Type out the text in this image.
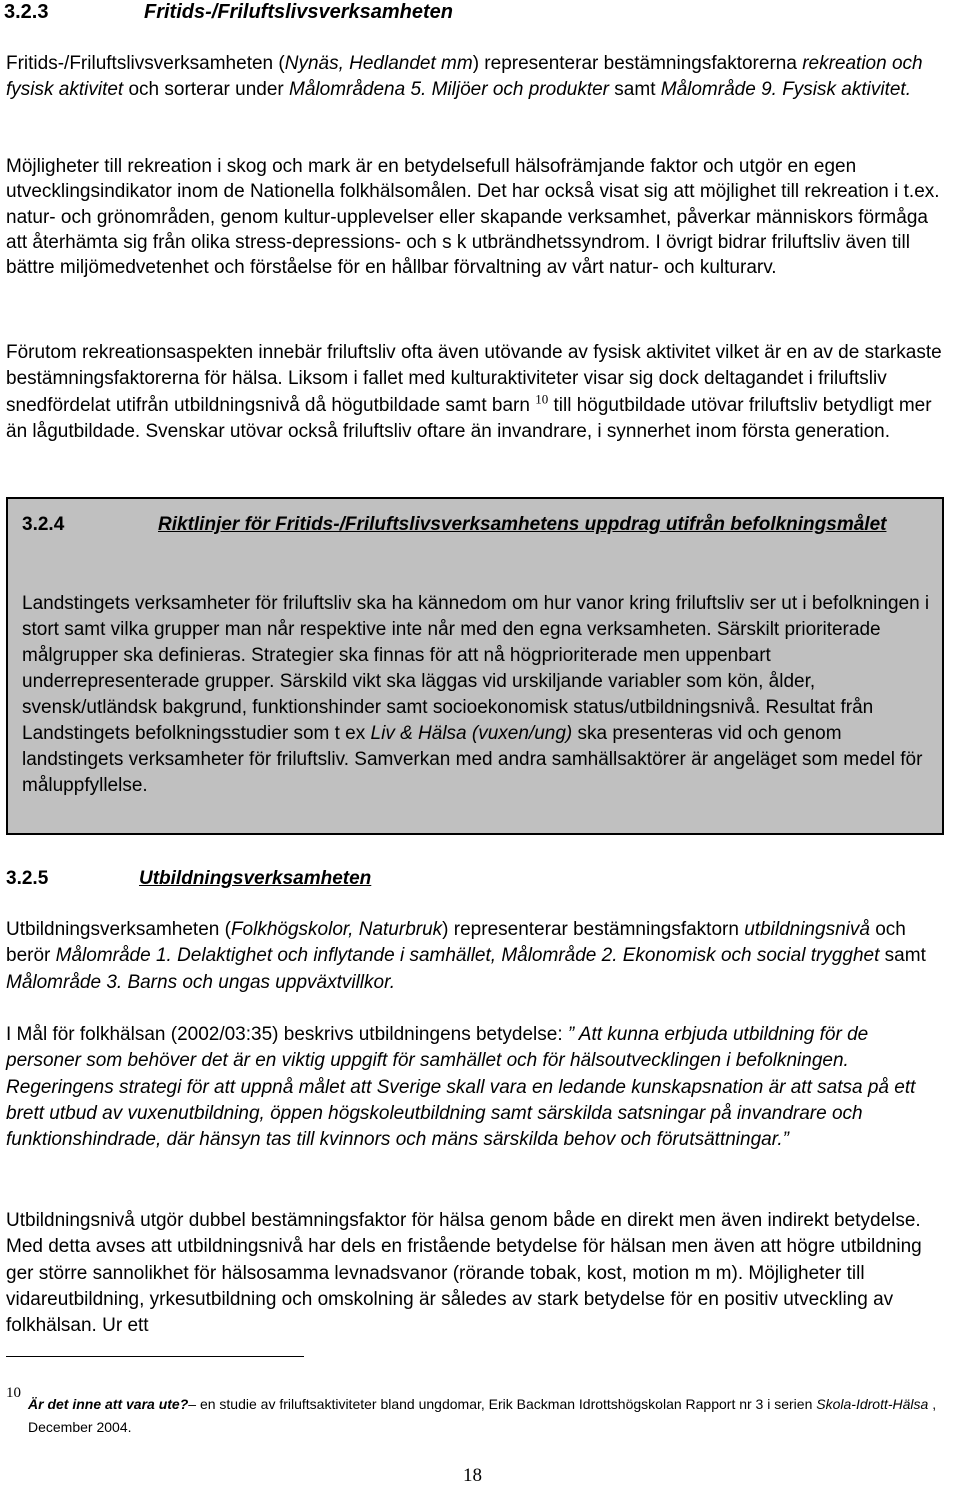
3.2.3	Fritids-/Friluftslivsverksamheten

Fritids-/Friluftslivsverksamheten (Nynäs, Hedlandet mm) representerar bestämningsfaktorerna rekreation och fysisk aktivitet och sorterar under Målområdena 5. Miljöer och produkter samt Målområde 9. Fysisk aktivitet.

Möjligheter till rekreation i skog och mark är en betydelsefull hälsofrämjande faktor och utgör en egen utvecklingsindikator inom de Nationella folkhälsomålen. Det har också visat sig att möjlighet till rekreation i t.ex. natur- och grönområden, genom kultur-upplevelser eller skapande verksamhet, påverkar människors förmåga att återhämta sig från olika stress-depressions- och s k utbrändhetssyndrom. I övrigt bidrar friluftsliv även till bättre miljömedvetenhet och förståelse för en hållbar förvaltning av vårt natur- och kulturarv.

Förutom rekreationsaspekten innebär friluftsliv ofta även utövande av fysisk aktivitet vilket är en av de starkaste bestämningsfaktorerna för hälsa. Liksom i fallet med kulturaktiviteter visar sig dock deltagandet i friluftsliv snedfördelat utifrån utbildningsnivå då högutbildade samt barn $^{10}$ till högutbildade utövar friluftsliv betydligt mer än lågutbildade. Svenskar utövar också friluftsliv oftare än invandrare, i synnerhet inom första generation.

3.2.4	Riktlinjer för Fritids-/Friluftslivsverksamhetens uppdrag utifrån befolkningsmålet

Landstingets verksamheter för friluftsliv ska ha kännedom om hur vanor kring friluftsliv ser ut i befolkningen i stort samt vilka grupper man når respektive inte når med den egna verksamheten. Särskilt prioriterade målgrupper ska definieras. Strategier ska finnas för att nå högprioriterade men uppenbart underrepresenterade grupper. Särskild vikt ska läggas vid urskiljande variabler som kön, ålder, svensk/utländsk bakgrund, funktionshinder samt socioekonomisk status/utbildningsnivå. Resultat från Landstingets befolkningsstudier som t ex Liv & Hälsa (vuxen/ung) ska presenteras vid och genom landstingets verksamheter för friluftsliv. Samverkan med andra samhällsaktörer är angeläget som medel för måluppfyllelse.

3.2.5	Utbildningsverksamheten

Utbildningsverksamheten (Folkhögskolor, Naturbruk) representerar bestämningsfaktorn utbildningsnivå och berör Målområde 1. Delaktighet och inflytande i samhället, Målområde 2. Ekonomisk och social trygghet samt Målområde 3. Barns och ungas uppväxtvillkor.

I Mål för folkhälsan (2002/03:35) beskrivs utbildningens betydelse: ” Att kunna erbjuda utbildning för de personer som behöver det är en viktig uppgift för samhället och för hälsoutvecklingen i befolkningen. Regeringens strategi för att uppnå målet att Sverige skall vara en ledande kunskapsnation är att satsa på ett brett utbud av vuxenutbildning, öppen högskoleutbildning samt särskilda satsningar på invandrare och funktionshindrade, där hänsyn tas till kvinnors och mäns särskilda behov och förutsättningar.”

Utbildningsnivå utgör dubbel bestämningsfaktor för hälsa genom både en direkt men även indirekt betydelse. Med detta avses att utbildningsnivå har dels en fristående betydelse för hälsan men även att högre utbildning ger större sannolikhet för hälsosamma levnadsvanor (rörande tobak, kost, motion m m). Möjligheter till vidareutbildning, yrkesutbildning och omskolning är således av stark betydelse för en positiv utveckling av folkhälsan. Ur ett

10
Är det inne att vara ute?– en studie av friluftsaktiviteter bland ungdomar, Erik Backman Idrottshögskolan Rapport nr 3 i serien Skola-Idrott-Hälsa , December 2004.
18
